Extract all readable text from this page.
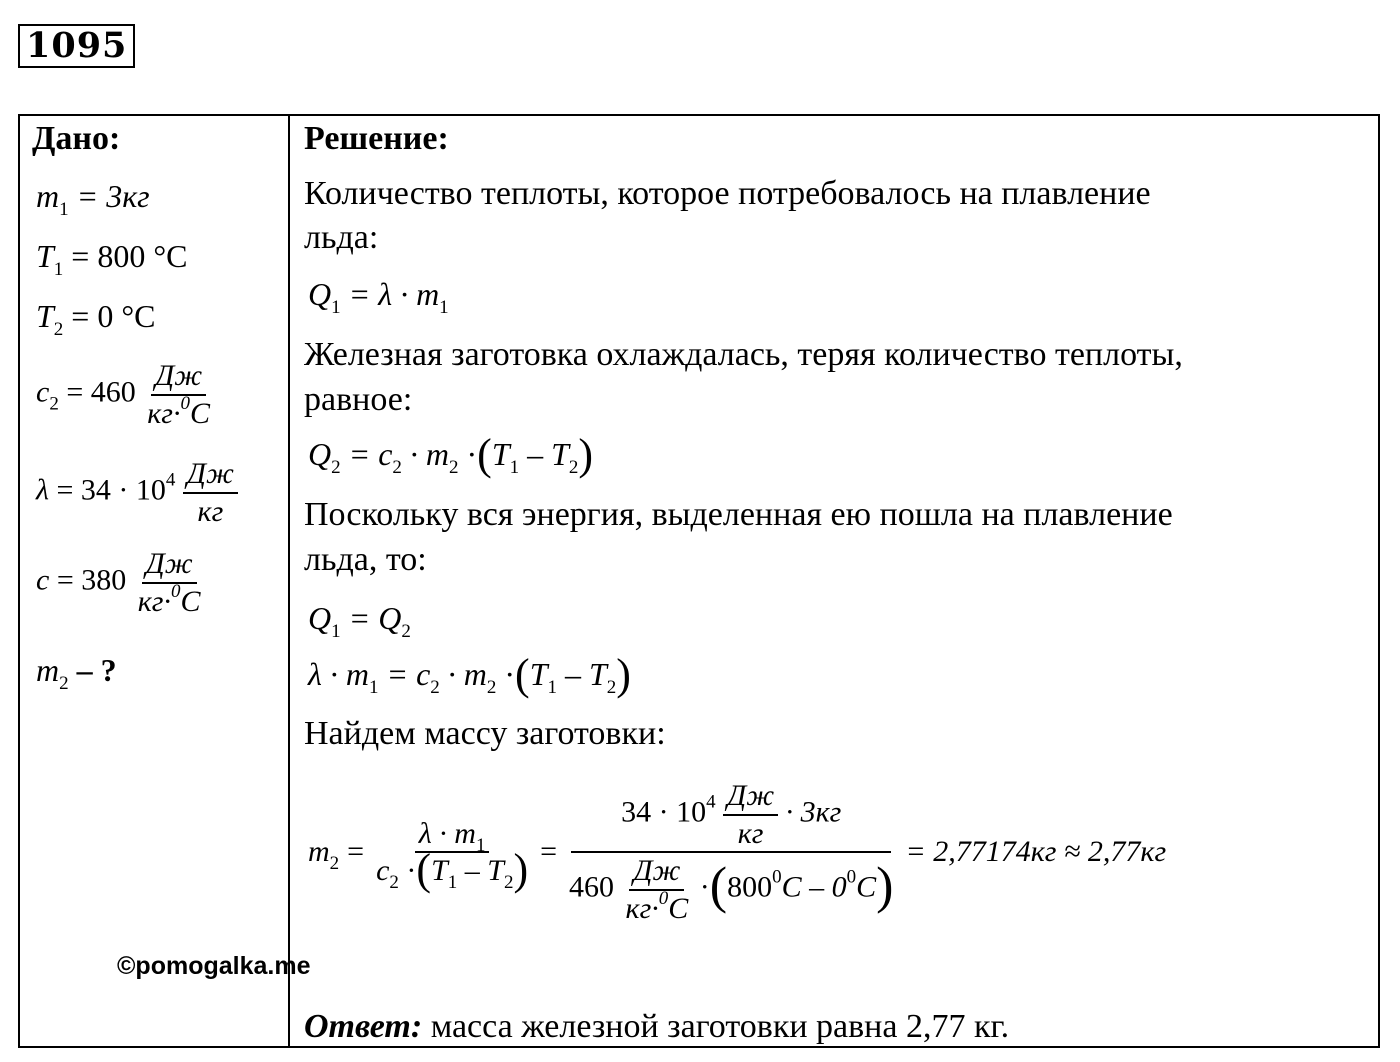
1095
Дано:
$m_1 = 3кг$
$T_1 = 800$ °C
$T_2 = 0$ °C
$c_2 = 460 \frac{Дж}{кг\cdot^0C}$
$\lambda = 34 \cdot 10^4 \frac{Дж}{кг}$
$c = 380 \frac{Дж}{кг\cdot^0C}$
$m_2$ – ?
Решение:
Количество теплоты, которое потребовалось на плавление
льда:
$Q_1 = \lambda \cdot m_1$
Железная заготовка охлаждалась, теряя количество теплоты,
равное:
$Q_2 = c_2 \cdot m_2 \cdot(T_1 - T_2)$
Поскольку вся энергия, выделенная ею пошла на плавление
льда, то:
$Q_1 = Q_2$
$\lambda \cdot m_1 = c_2 \cdot m_2 \cdot(T_1 - T_2)$
Найдем массу заготовки:
$m_2 = \frac{\lambda \cdot m_1}{c_2 \cdot(T_1 - T_2)} = \frac{34 \cdot 10^4 \frac{Дж}{кг} \cdot 3кг}{460 \frac{Дж}{кг\cdot^0C} \cdot(800^0C - 0^0C)} = 2,77174кг \approx 2,77кг$
©pomogalka.me
Ответ: масса железной заготовки равна 2,77 кг.
